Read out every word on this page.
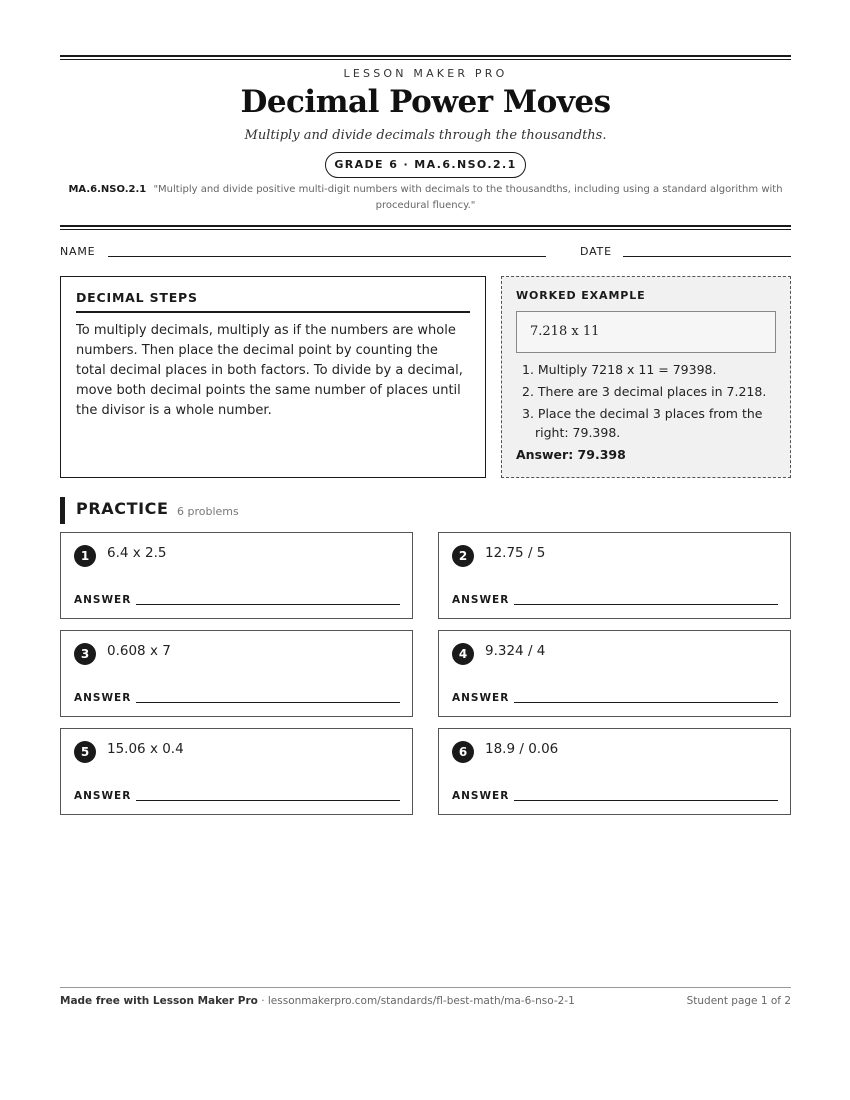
LESSON MAKER PRO
Decimal Power Moves
Multiply and divide decimals through the thousandths.
GRADE 6 · MA.6.NSO.2.1
MA.6.NSO.2.1 "Multiply and divide positive multi-digit numbers with decimals to the thousandths, including using a standard algorithm with procedural fluency."
NAME	DATE
DECIMAL STEPS
To multiply decimals, multiply as if the numbers are whole numbers. Then place the decimal point by counting the total decimal places in both factors. To divide by a decimal, move both decimal points the same number of places until the divisor is a whole number.
WORKED EXAMPLE
7.218 x 11
1. Multiply 7218 x 11 = 79398.
2. There are 3 decimal places in 7.218.
3. Place the decimal 3 places from the right: 79.398.
Answer: 79.398
PRACTICE 6 problems
1	6.4 x 2.5
ANSWER
2	12.75 / 5
ANSWER
3	0.608 x 7
ANSWER
4	9.324 / 4
ANSWER
5	15.06 x 0.4
ANSWER
6	18.9 / 0.06
ANSWER
Made free with Lesson Maker Pro · lessonmakerpro.com/standards/fl-best-math/ma-6-nso-2-1	Student page 1 of 2
